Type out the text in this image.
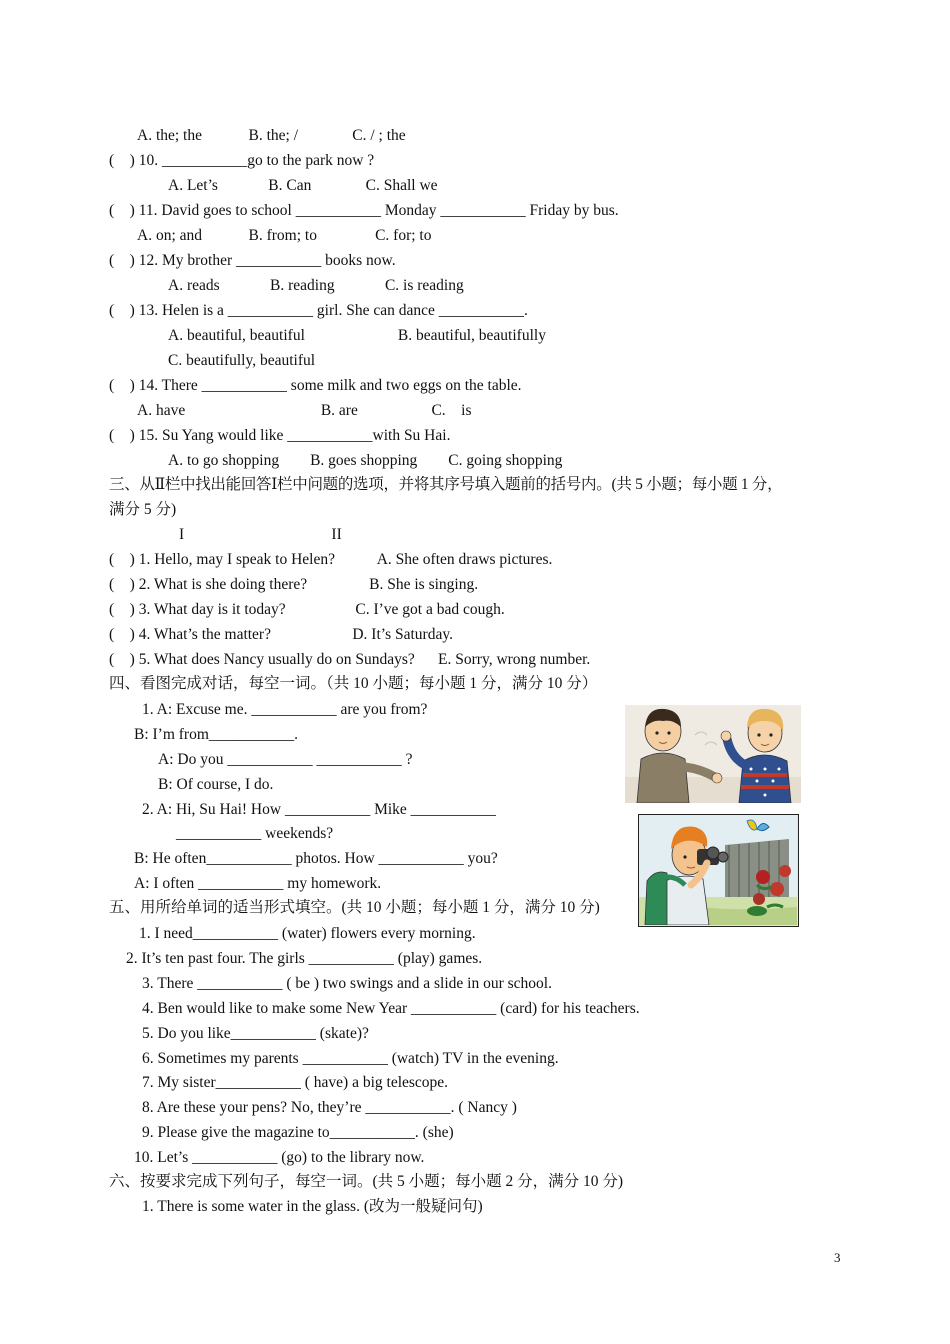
A. the; the            B. the; /              C. / ; the
(    ) 10. ___________go to the park now ?
A. Let’s             B. Can              C. Shall we
(    ) 11. David goes to school ___________ Monday ___________ Friday by bus.
A. on; and            B. from; to               C. for; to
(    ) 12. My brother ___________ books now.
A. reads             B. reading             C. is reading
(    ) 13. Helen is a ___________ girl. She can dance ___________.
A. beautiful, beautiful                        B. beautiful, beautifully
C. beautifully, beautiful
(    ) 14. There ___________ some milk and two eggs on the table.
A. have                                   B. are                   C.    is
(    ) 15. Su Yang would like ___________with Su Hai.
A. to go shopping        B. goes shopping        C. going shopping
三、从Ⅱ栏中找出能回答Ⅰ栏中问题的选项，并将其序号填入题前的括号内。(共 5 小题；每小题 1 分，
满分 5 分)
I                                      II
(    ) 1. Hello, may I speak to Helen?           A. She often draws pictures.
(    ) 2. What is she doing there?                B. She is singing.
(    ) 3. What day is it today?                  C. I’ve got a bad cough.
(    ) 4. What’s the matter?                     D. It’s Saturday.
(    ) 5. What does Nancy usually do on Sundays?      E. Sorry, wrong number.
四、看图完成对话，每空一词。（共 10 小题；每小题 1 分，满分 10 分）
1. A: Excuse me. ___________ are you from?
B: I’m from___________.
A: Do you ___________ ___________ ?
B: Of course, I do.
2. A: Hi, Su Hai! How ___________ Mike ___________
___________ weekends?
B: He often___________ photos. How ___________ you?
A: I often ___________ my homework.
五、用所给单词的适当形式填空。(共 10 小题；每小题 1 分，满分 10 分)
1. I need___________ (water) flowers every morning.
2. It’s ten past four. The girls ___________ (play) games.
3. There ___________ ( be ) two swings and a slide in our school.
4. Ben would like to make some New Year ___________ (card) for his teachers.
5. Do you like___________ (skate)?
6. Sometimes my parents ___________ (watch) TV in the evening.
7. My sister___________ ( have) a big telescope.
8. Are these your pens? No, they’re ___________. ( Nancy )
9. Please give the magazine to___________. (she)
10. Let’s ___________ (go) to the library now.
六、按要求完成下列句子，每空一词。(共 5 小题；每小题 2 分，满分 10 分)
1. There is some water in the glass. (改为一般疑问句)
3
